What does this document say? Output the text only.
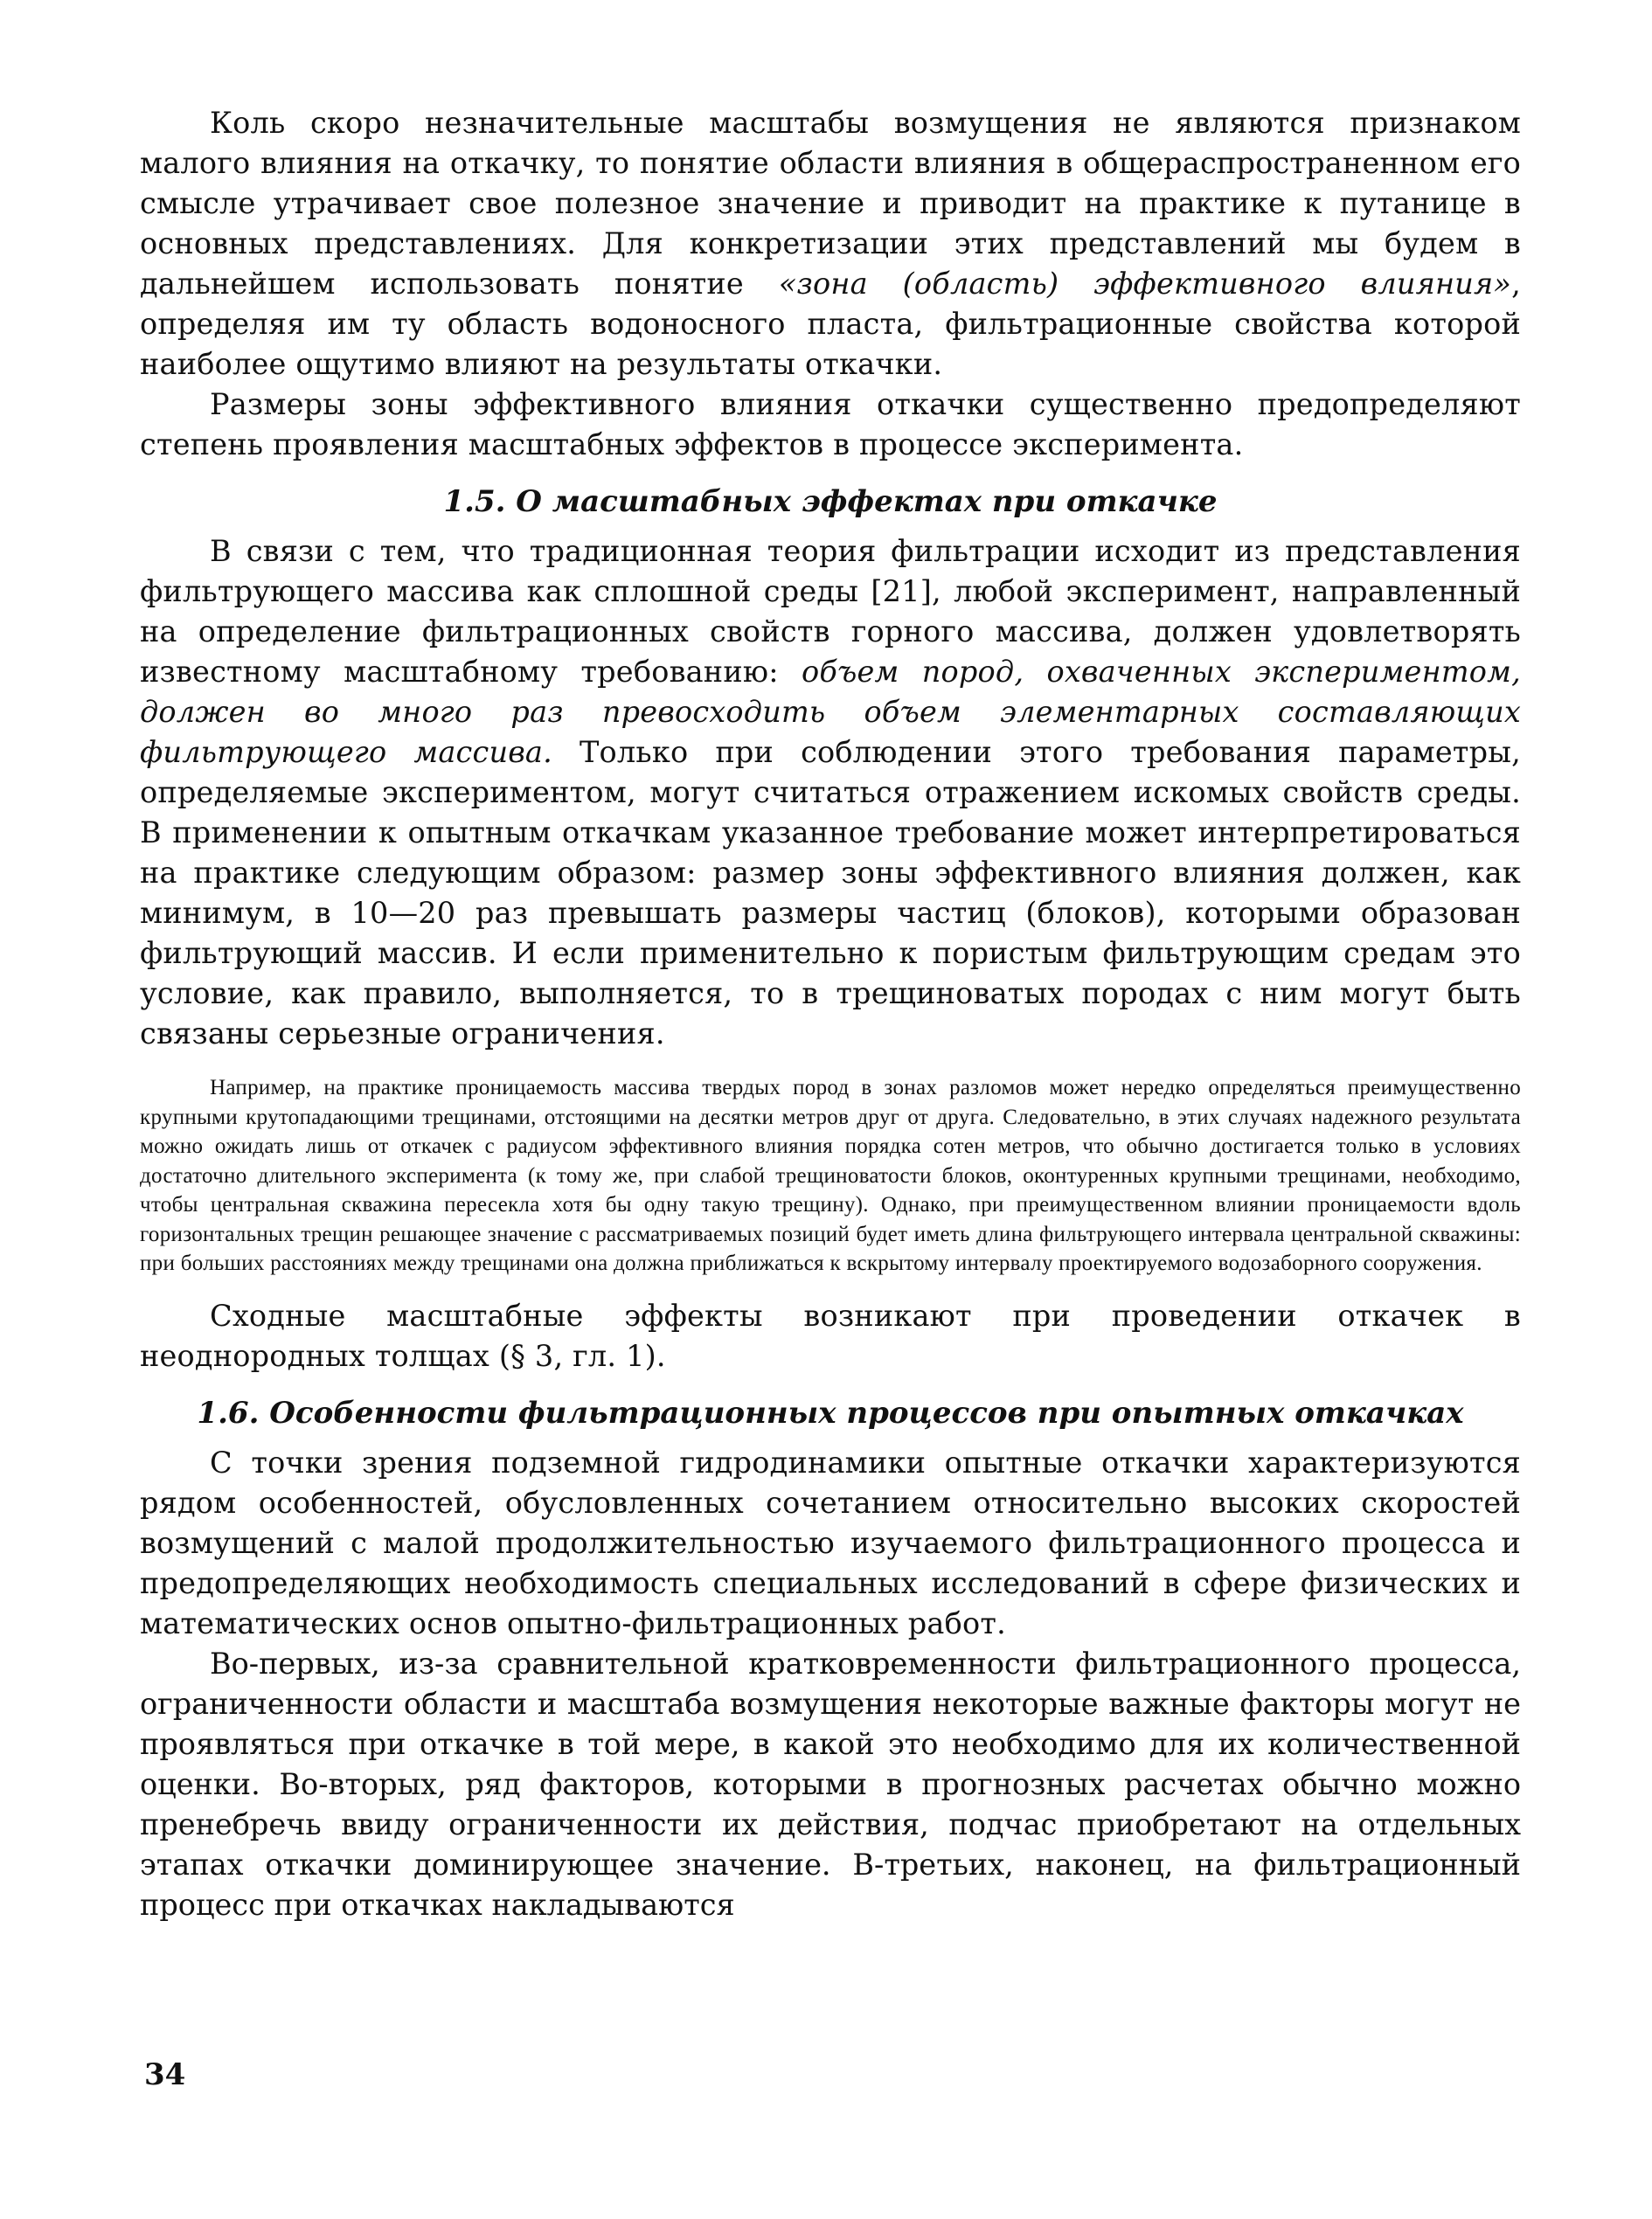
Коль скоро незначительные масштабы возмущения не являются признаком малого влияния на откачку, то понятие области влияния в общераспространенном его смысле утрачивает свое полезное значение и приводит на практике к путанице в основных представлениях. Для конкретизации этих представлений мы будем в дальнейшем использовать понятие «зона (область) эффективного влияния», определяя им ту область водоносного пласта, фильтрационные свойства которой наиболее ощутимо влияют на результаты откачки.

Размеры зоны эффективного влияния откачки существенно предопределяют степень проявления масштабных эффектов в процессе эксперимента.

1.5. О масштабных эффектах при откачке

В связи с тем, что традиционная теория фильтрации исходит из представления фильтрующего массива как сплошной среды [21], любой эксперимент, направленный на определение фильтрационных свойств горного массива, должен удовлетворять известному масштабному требованию: объем пород, охваченных экспериментом, должен во много раз превосходить объем элементарных составляющих фильтрующего массива. Только при соблюдении этого требования параметры, определяемые экспериментом, могут считаться отражением искомых свойств среды. В применении к опытным откачкам указанное требование может интерпретироваться на практике следующим образом: размер зоны эффективного влияния должен, как минимум, в 10—20 раз превышать размеры частиц (блоков), которыми образован фильтрующий массив. И если применительно к пористым фильтрующим средам это условие, как правило, выполняется, то в трещиноватых породах с ним могут быть связаны серьезные ограничения.

Например, на практике проницаемость массива твердых пород в зонах разломов может нередко определяться преимущественно крупными крутопадающими трещинами, отстоящими на десятки метров друг от друга. Следовательно, в этих случаях надежного результата можно ожидать лишь от откачек с радиусом эффективного влияния порядка сотен метров, что обычно достигается только в условиях достаточно длительного эксперимента (к тому же, при слабой трещиноватости блоков, оконтуренных крупными трещинами, необходимо, чтобы центральная скважина пересекла хотя бы одну такую трещину). Однако, при преимущественном влиянии проницаемости вдоль горизонтальных трещин решающее значение с рассматриваемых позиций будет иметь длина фильтрующего интервала центральной скважины: при больших расстояниях между трещинами она должна приближаться к вскрытому интервалу проектируемого водозаборного сооружения.

Сходные масштабные эффекты возникают при проведении откачек в неоднородных толщах (§ 3, гл. 1).

1.6. Особенности фильтрационных процессов при опытных откачках

С точки зрения подземной гидродинамики опытные откачки характеризуются рядом особенностей, обусловленных сочетанием относительно высоких скоростей возмущений с малой продолжительностью изучаемого фильтрационного процесса и предопределяющих необходимость специальных исследований в сфере физических и математических основ опытно-фильтрационных работ.

Во-первых, из-за сравнительной кратковременности фильтрационного процесса, ограниченности области и масштаба возмущения некоторые важные факторы могут не проявляться при откачке в той мере, в какой это необходимо для их количественной оценки. Во-вторых, ряд факторов, которыми в прогнозных расчетах обычно можно пренебречь ввиду ограниченности их действия, подчас приобретают на отдельных этапах откачки доминирующее значение. В-третьих, наконец, на фильтрационный процесс при откачках накладываются

34
